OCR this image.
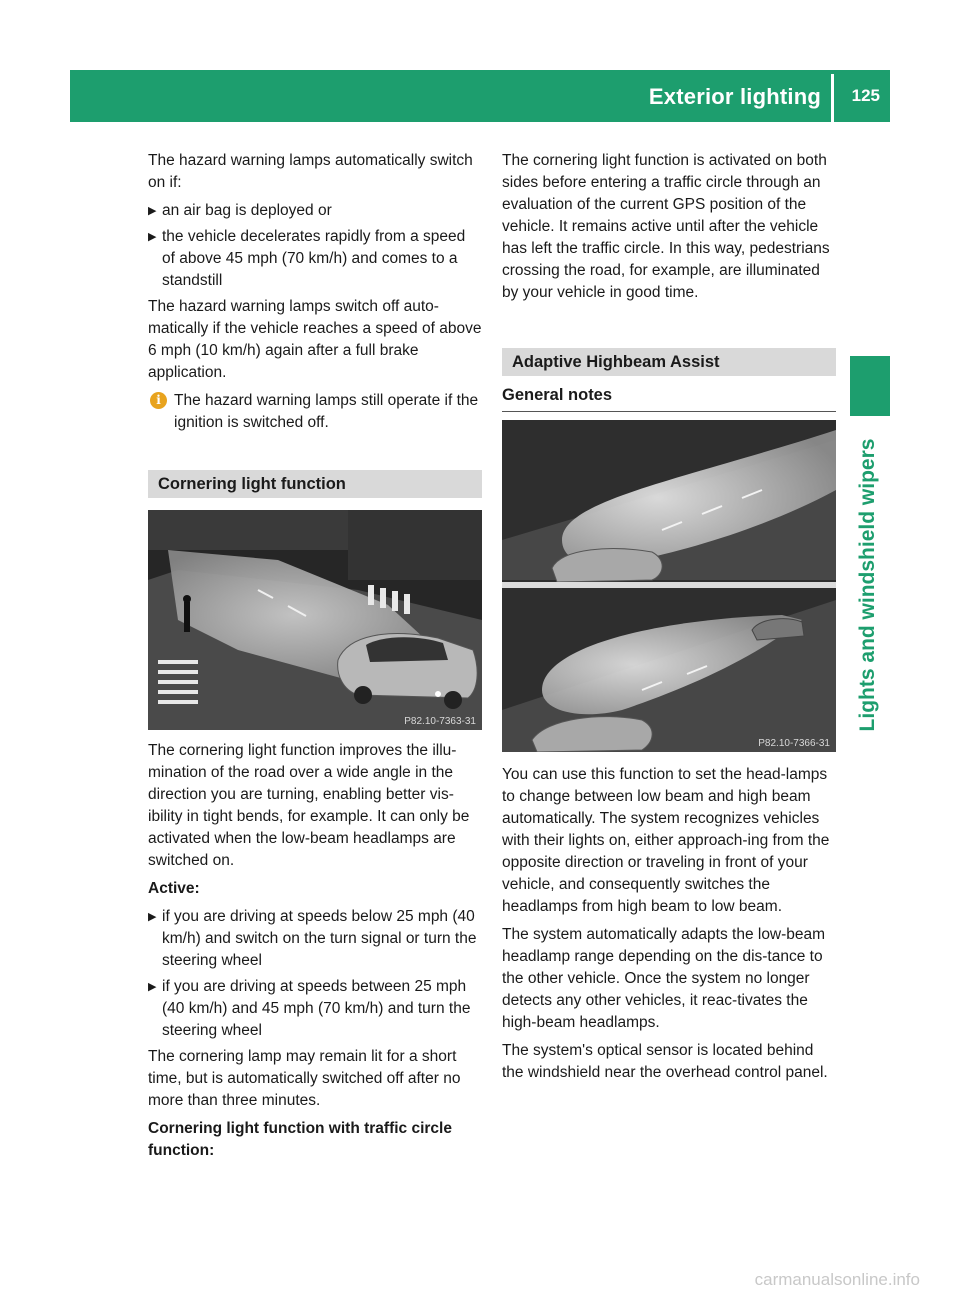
Exterior lighting 125
Lights and windshield wipers

The hazard warning lamps automatically switch on if:

▶ an air bag is deployed or
▶ the vehicle decelerates rapidly from a speed of above 45 mph (70 km/h) and comes to a standstill

The hazard warning lamps switch off auto-matically if the vehicle reaches a speed of above 6 mph (10 km/h) again after a full brake application.

i The hazard warning lamps still operate if the ignition is switched off.
Cornering light function
P82.10-7363-31

The cornering light function improves the illu-mination of the road over a wide angle in the direction you are turning, enabling better vis-ibility in tight bends, for example. It can only be activated when the low-beam headlamps are switched on.

Active:

▶ if you are driving at speeds below 25 mph (40 km/h) and switch on the turn signal or turn the steering wheel
▶ if you are driving at speeds between 25 mph (40 km/h) and 45 mph (70 km/h) and turn the steering wheel

The cornering lamp may remain lit for a short time, but is automatically switched off after no more than three minutes.

Cornering light function with traffic circle function:

The cornering light function is activated on both sides before entering a traffic circle through an evaluation of the current GPS position of the vehicle. It remains active until after the vehicle has left the traffic circle. In this way, pedestrians crossing the road, for example, are illuminated by your vehicle in good time.

Adaptive Highbeam Assist
General notes
P82.10-7366-31

You can use this function to set the head-lamps to change between low beam and high beam automatically. The system recognizes vehicles with their lights on, either approach-ing from the opposite direction or traveling in front of your vehicle, and consequently switches the headlamps from high beam to low beam.

The system automatically adapts the low-beam headlamp range depending on the dis-tance to the other vehicle. Once the system no longer detects any other vehicles, it reac-tivates the high-beam headlamps.

The system's optical sensor is located behind the windshield near the overhead control panel.

carmanualsonline.info
